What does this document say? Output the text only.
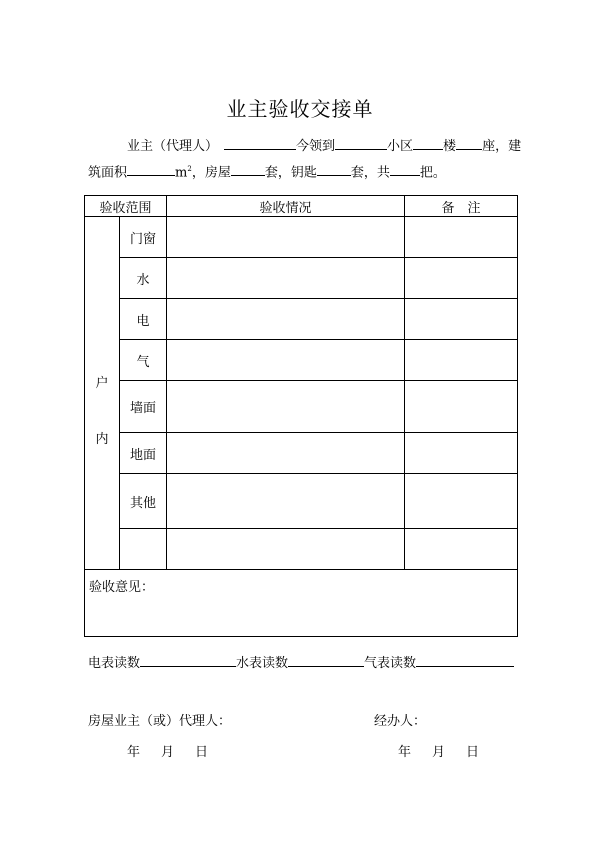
业主验收交接单
业主（代理人）	今领到	小区 楼 座，建
筑面积	$m^2$，房屋	套，钥匙	套，共 把。
验收范围		验收情况	备　注

户
内	门窗		
	水		
	电		
	气		
	墙面		
	地面		
	其他		

验收意见：			
电表读数	水表读数	气表读数
房屋业主（或）代理人：	经办人：
年　月　日	年　月　日
